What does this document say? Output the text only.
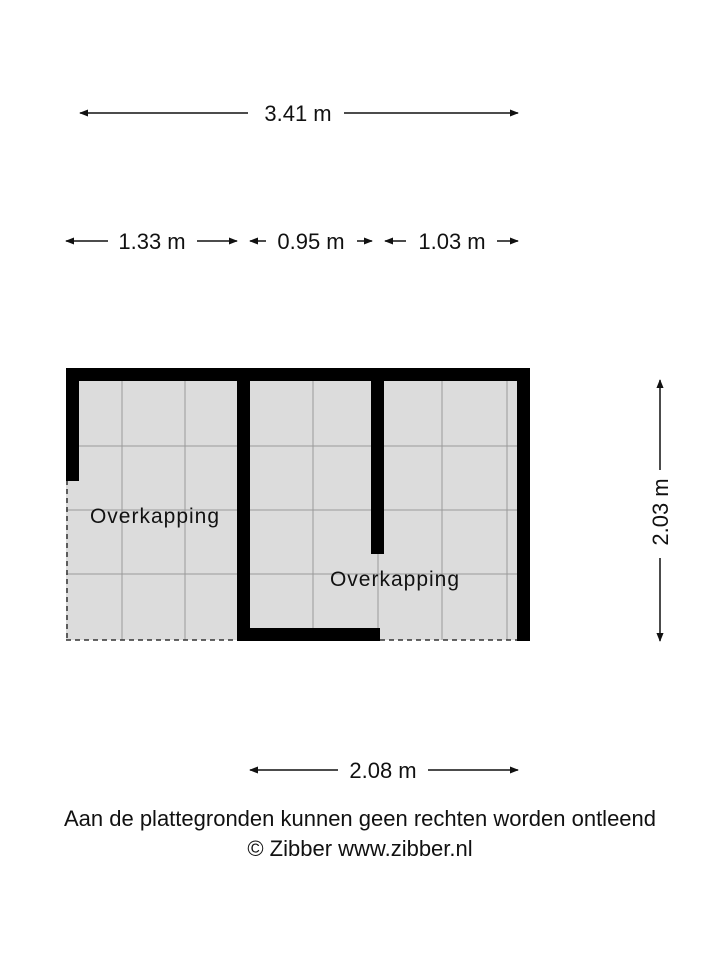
Overkapping
Overkapping
3.41 m
1.33 m	0.95 m	1.03 m
2.03 m
2.08 m
Aan de plattegronden kunnen geen rechten worden ontleend
© Zibber www.zibber.nl
